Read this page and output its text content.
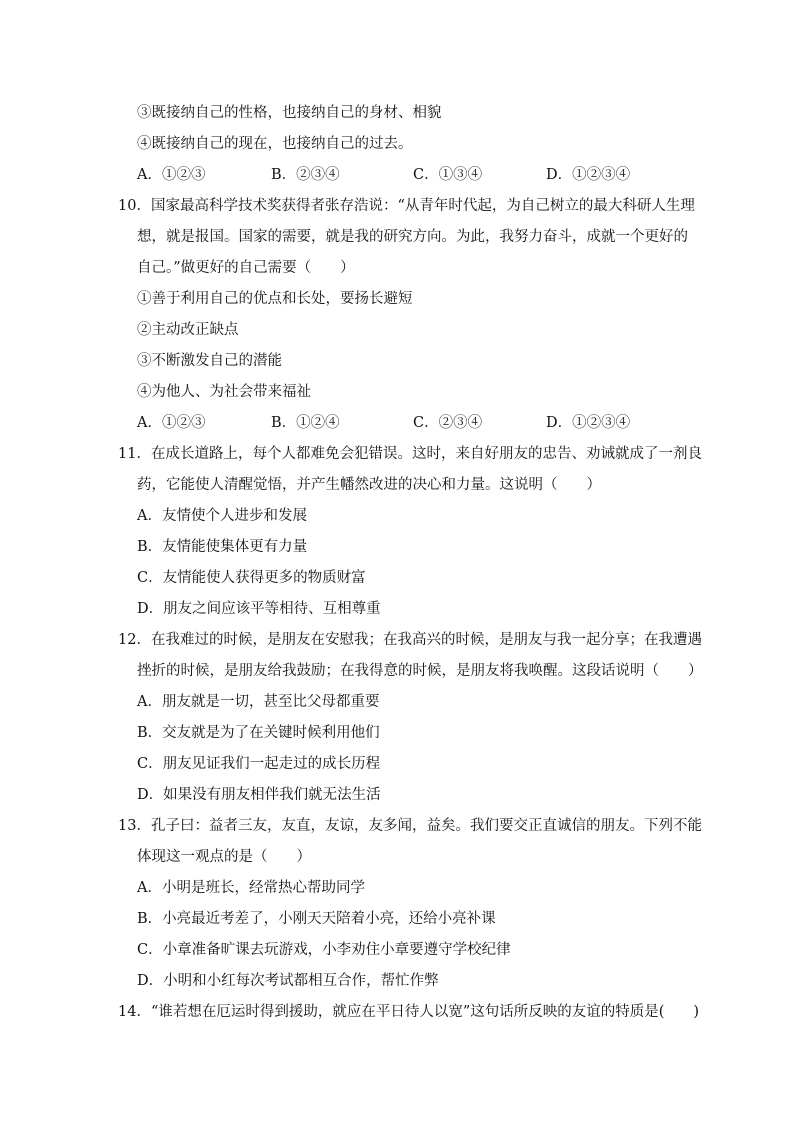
③既接纳自己的性格，也接纳自己的身材、相貌
④既接纳自己的现在，也接纳自己的过去。
A．①②③	B．②③④	C．①③④	D．①②③④
10．国家最高科学技术奖获得者张存浩说：“从青年时代起，为自己树立的最大科研人生理
想，就是报国。国家的需要，就是我的研究方向。为此，我努力奋斗，成就一个更好的
自己。”做更好的自己需要（　　）
①善于利用自己的优点和长处，要扬长避短
②主动改正缺点
③不断激发自己的潜能
④为他人、为社会带来福祉
A．①②③	B．①②④	C．②③④	D．①②③④
11．在成长道路上，每个人都难免会犯错误。这时，来自好朋友的忠告、劝诫就成了一剂良
药，它能使人清醒觉悟，并产生幡然改进的决心和力量。这说明（　　）
A．友情使个人进步和发展
B．友情能使集体更有力量
C．友情能使人获得更多的物质财富
D．朋友之间应该平等相待、互相尊重
12．在我难过的时候，是朋友在安慰我；在我高兴的时候，是朋友与我一起分享；在我遭遇
挫折的时候，是朋友给我鼓励；在我得意的时候，是朋友将我唤醒。这段话说明（　　）
A．朋友就是一切，甚至比父母都重要
B．交友就是为了在关键时候利用他们
C．朋友见证我们一起走过的成长历程
D．如果没有朋友相伴我们就无法生活
13．孔子曰：益者三友，友直，友谅，友多闻，益矣。我们要交正直诚信的朋友。下列不能
体现这一观点的是（　　）
A．小明是班长，经常热心帮助同学
B．小亮最近考差了，小刚天天陪着小亮，还给小亮补课
C．小章准备旷课去玩游戏，小李劝住小章要遵守学校纪律
D．小明和小红每次考试都相互合作，帮忙作弊
14．“谁若想在厄运时得到援助，就应在平日待人以宽”这句话所反映的友谊的特质是(　　)
